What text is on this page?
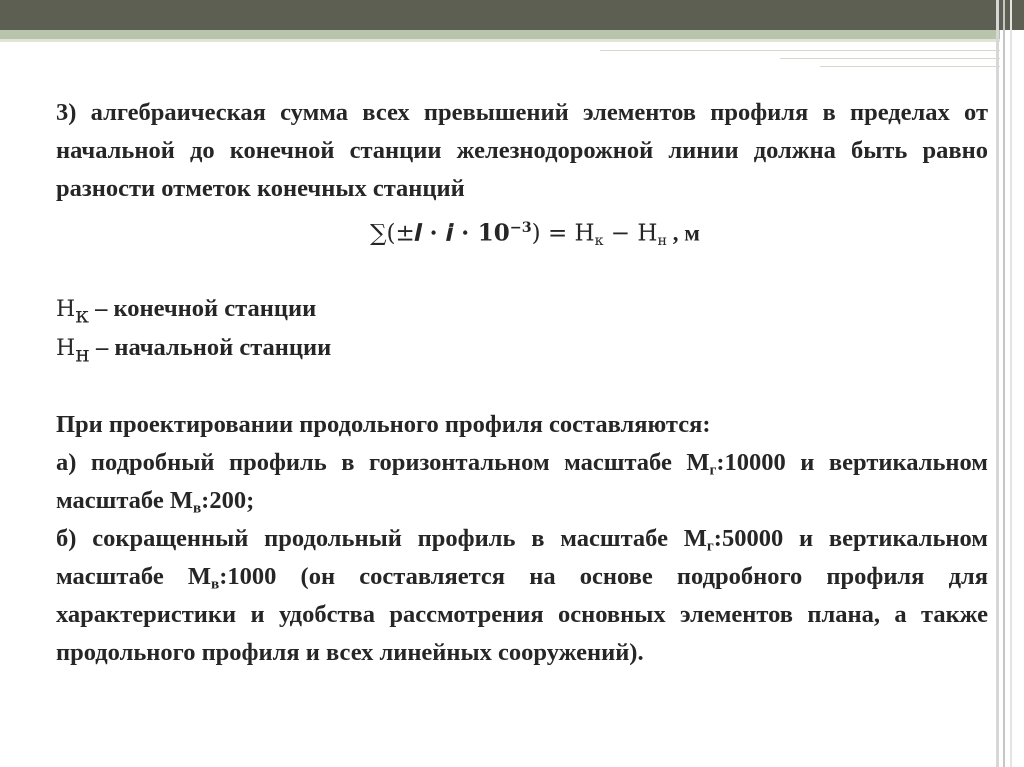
3) алгебраическая сумма всех превышений элементов профиля в пределах от начальной до конечной станции железнодорожной линии должна быть равно разности отметок конечных станций

∑(±𝒍 ⋅ 𝒊 ⋅ $𝟏𝟎^{-𝟑}) = H_к - H_н$ , м

$H_к$ – конечной станции

$H_н$ – начальной станции

При проектировании продольного профиля составляются:

а) подробный профиль в горизонтальном масштабе $M_г:10000$ и вертикальном масштабе $M_в:200$;

б) сокращенный продольный профиль в масштабе $M_г:50000$ и вертикальном масштабе $M_в:1000$ (он составляется на основе подробного профиля для характеристики и удобства рассмотрения основных элементов плана, а также продольного профиля и всех линейных сооружений).
